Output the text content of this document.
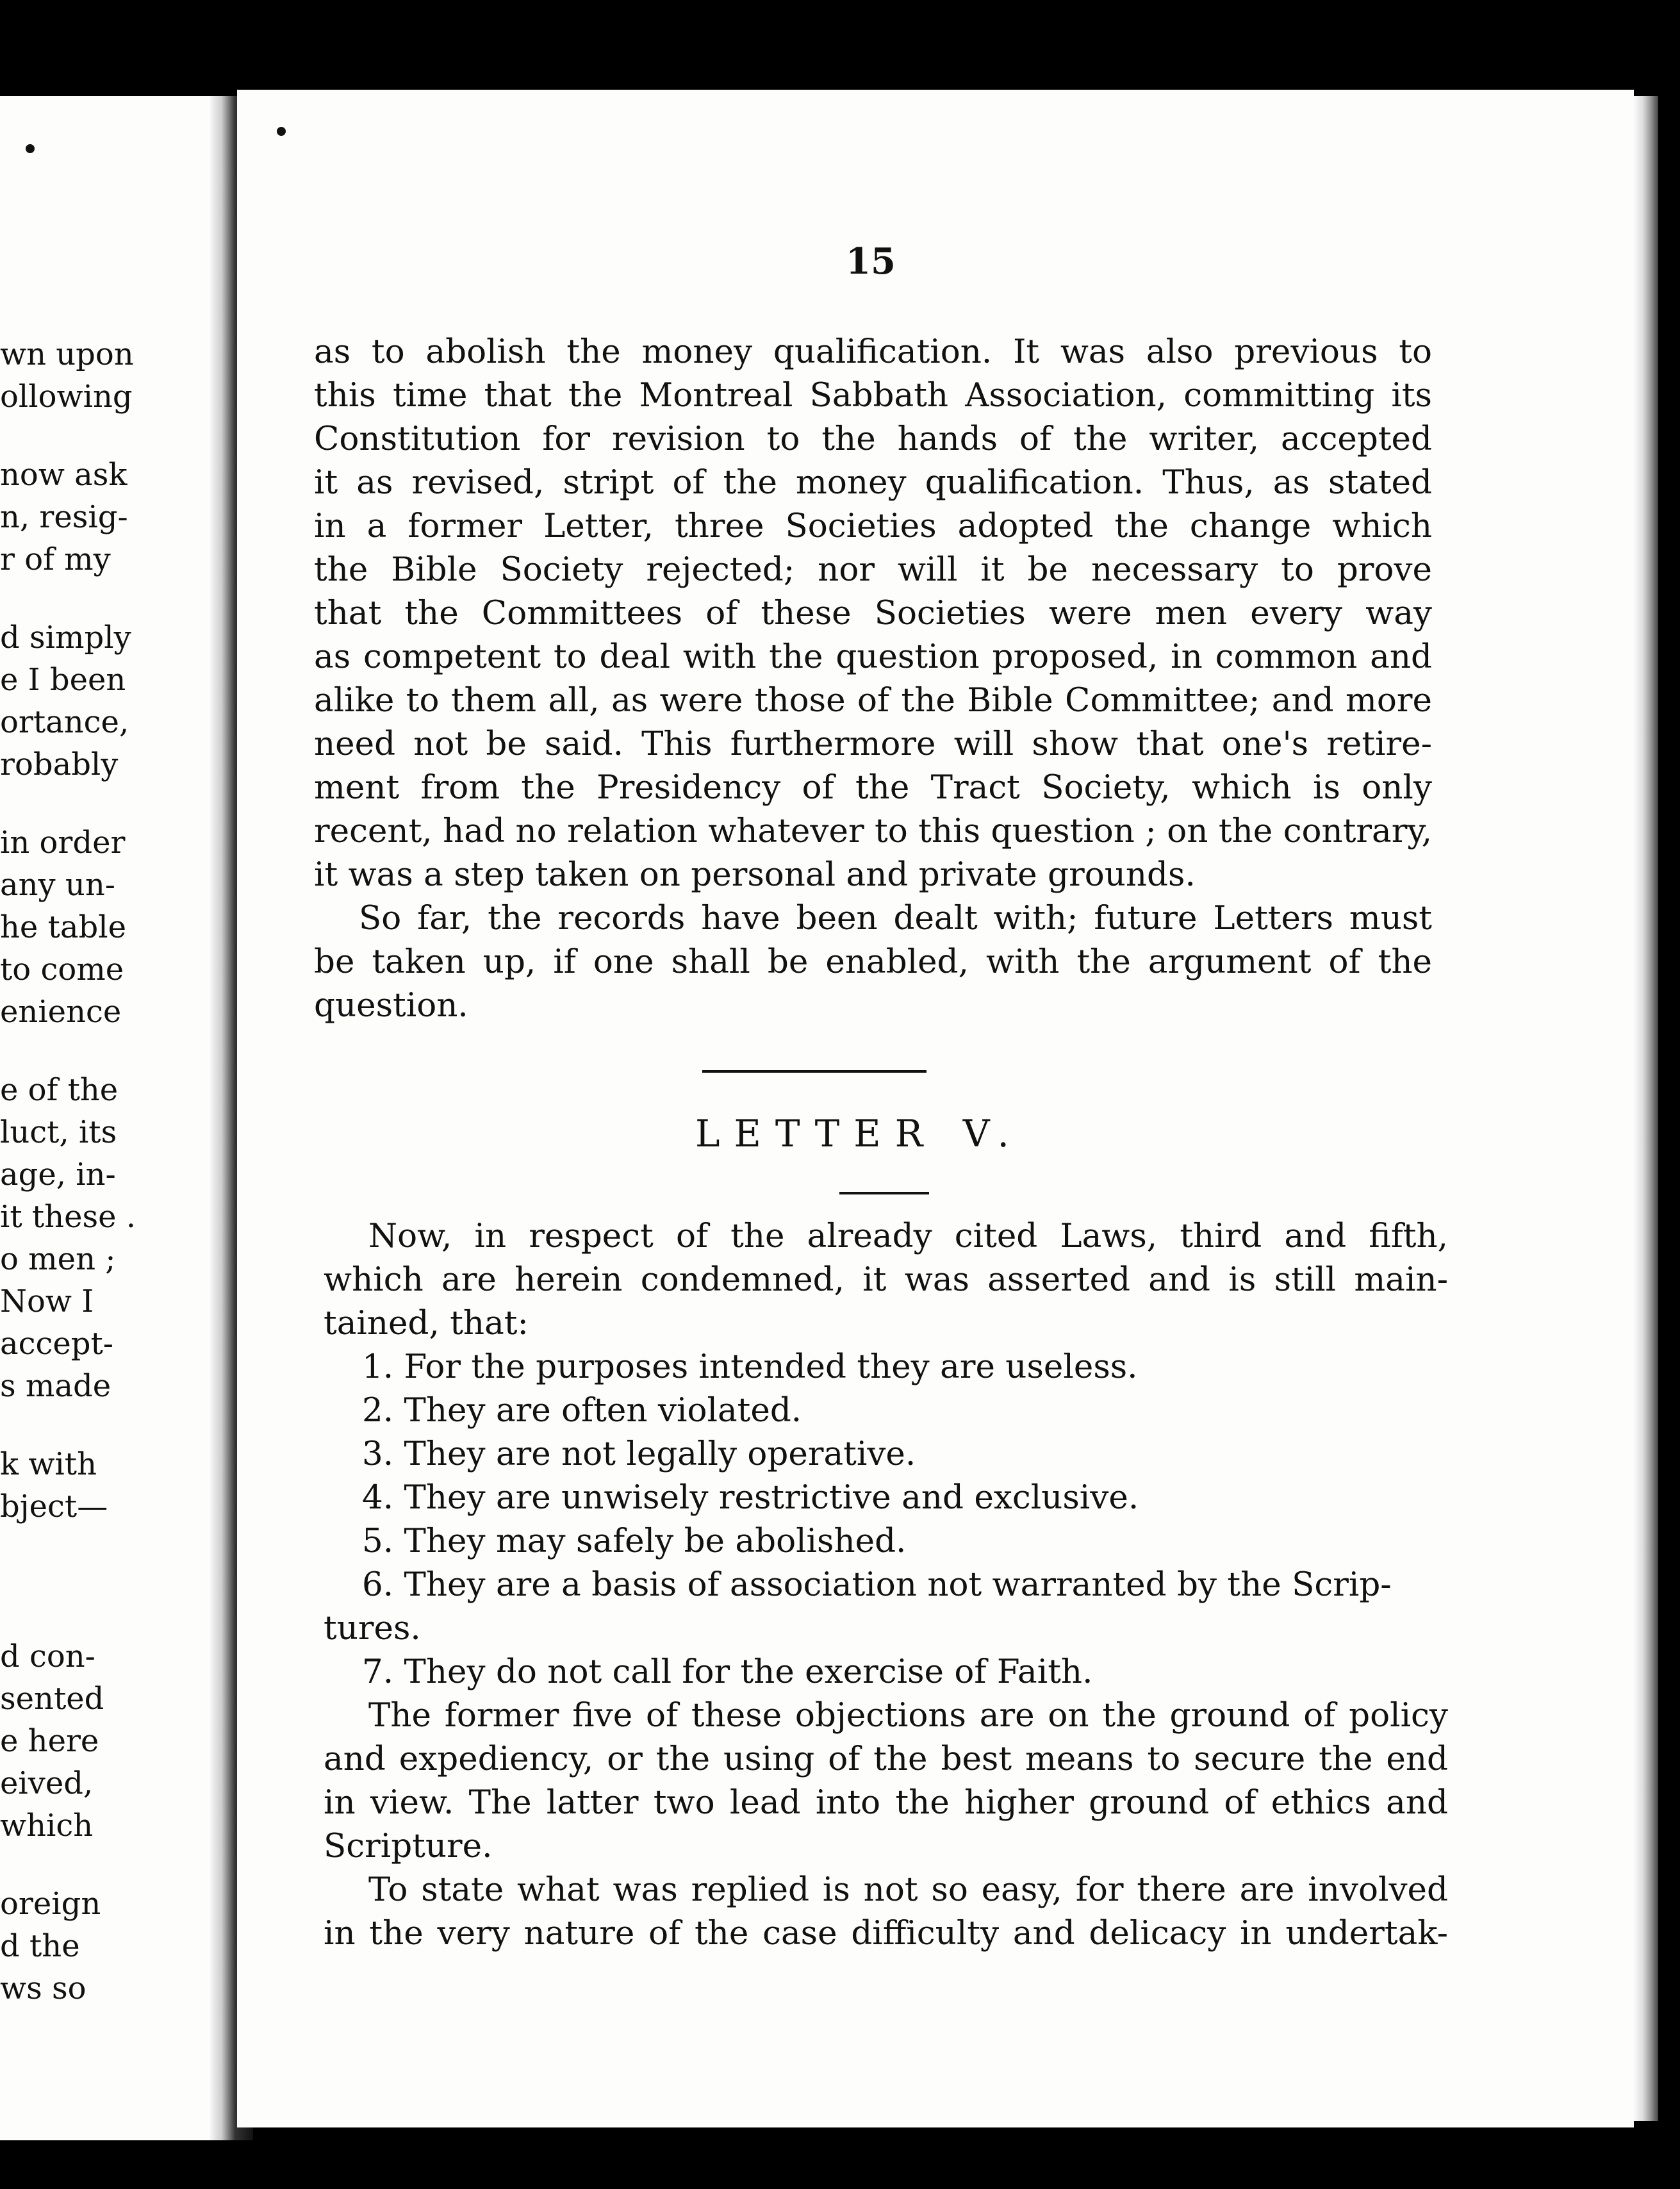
wn upon
ollowing
now ask
n, resig-
r of my
d simply
e I been
ortance,
robably
in order
any un-
he table
to come
enience
e of the
luct, its
age, in-
it these .
o men ;
Now I
accept-
s made
k with
bject—
d con-
sented
e here
eived,
which
oreign
d the
ws so
15
as to abolish the money qualification. It was also previous to
this time that the Montreal Sabbath Association, committing its
Constitution for revision to the hands of the writer, accepted
it as revised, stript of the money qualification. Thus, as stated
in a former Letter, three Societies adopted the change which
the Bible Society rejected; nor will it be necessary to prove
that the Committees of these Societies were men every way
as competent to deal with the question proposed, in common and
alike to them all, as were those of the Bible Committee; and more
need not be said. This furthermore will show that one's retire-
ment from the Presidency of the Tract Society, which is only
recent, had no relation whatever to this question ; on the contrary,
it was a step taken on personal and private grounds.
So far, the records have been dealt with; future Letters must
be taken up, if one shall be enabled, with the argument of the
question.
LETTER V.
Now, in respect of the already cited Laws, third and fifth,
which are herein condemned, it was asserted and is still main-
tained, that:
1. For the purposes intended they are useless.
2. They are often violated.
3. They are not legally operative.
4. They are unwisely restrictive and exclusive.
5. They may safely be abolished.
6. They are a basis of association not warranted by the Scrip-
tures.
7. They do not call for the exercise of Faith.
The former five of these objections are on the ground of policy
and expediency, or the using of the best means to secure the end
in view. The latter two lead into the higher ground of ethics and
Scripture.
To state what was replied is not so easy, for there are involved
in the very nature of the case difficulty and delicacy in undertak-
